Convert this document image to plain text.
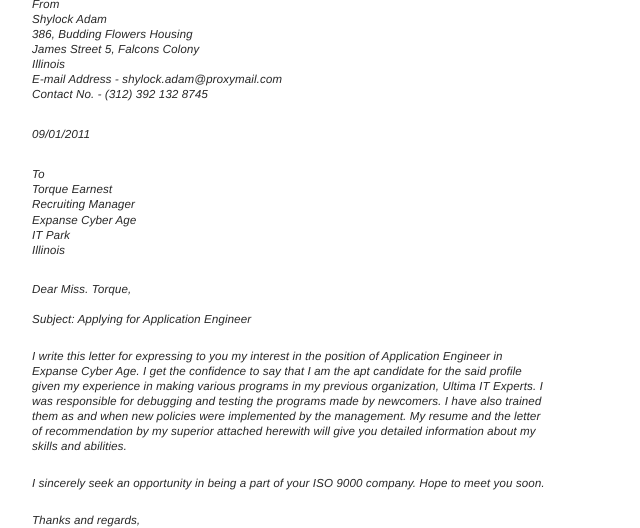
From
Shylock Adam
386, Budding Flowers Housing
James Street 5, Falcons Colony
Illinois
E-mail Address - shylock.adam@proxymail.com
Contact No. - (312) 392 132 8745
09/01/2011
To
Torque Earnest
Recruiting Manager
Expanse Cyber Age
IT Park
Illinois
Dear Miss. Torque,
Subject: Applying for Application Engineer
I write this letter for expressing to you my interest in the position of Application Engineer in
Expanse Cyber Age. I get the confidence to say that I am the apt candidate for the said profile
given my experience in making various programs in my previous organization, Ultima IT Experts. I
was responsible for debugging and testing the programs made by newcomers. I have also trained
them as and when new policies were implemented by the management. My resume and the letter
of recommendation by my superior attached herewith will give you detailed information about my
skills and abilities.
I sincerely seek an opportunity in being a part of your ISO 9000 company. Hope to meet you soon.
Thanks and regards,
